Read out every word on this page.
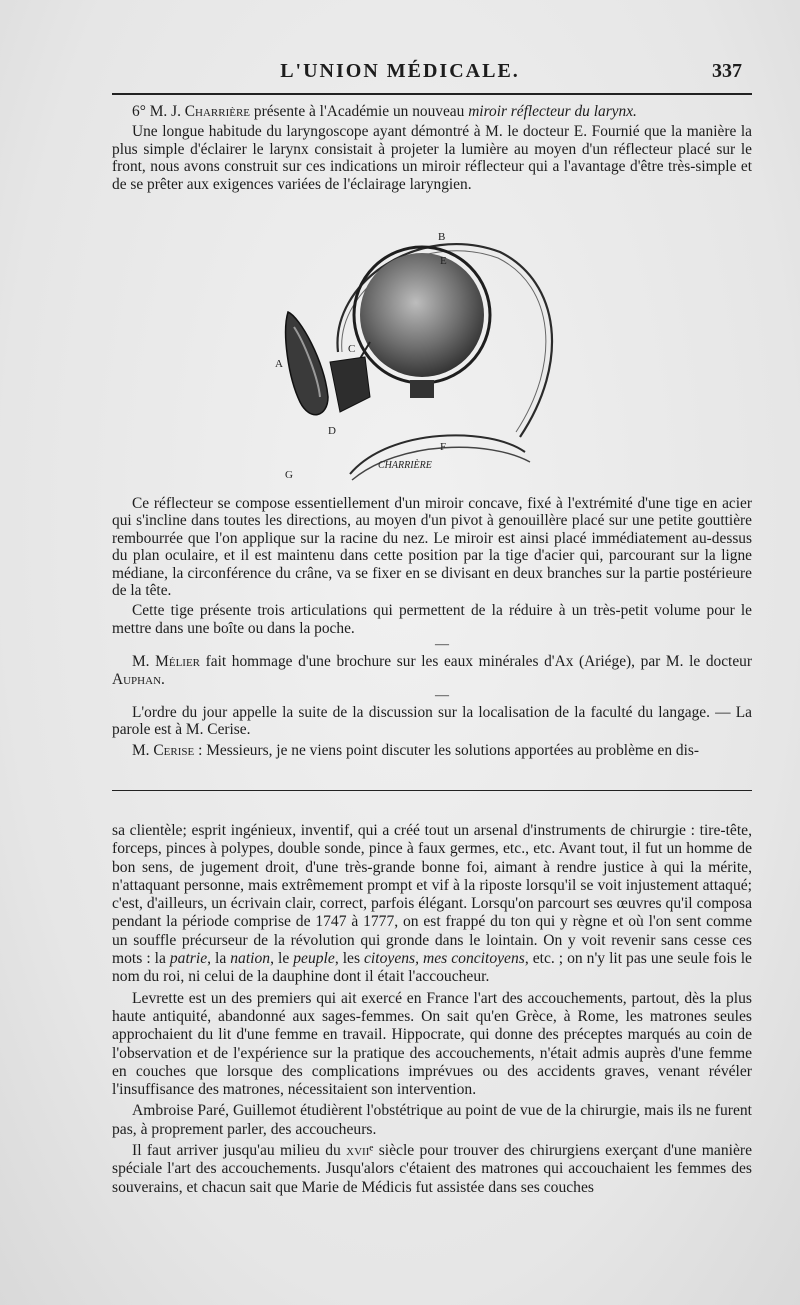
L'UNION MÉDICALE.	337

6° M. J. Charrière présente à l'Académie un nouveau miroir réflecteur du larynx.

Une longue habitude du laryngoscope ayant démontré à M. le docteur E. Fournié que la manière la plus simple d'éclairer le larynx consistait à projeter la lumière au moyen d'un réflecteur placé sur le front, nous avons construit sur ces indications un miroir réflecteur qui a l'avantage d'être très-simple et de se prêter aux exigences variées de l'éclairage laryngien.

A
B
C
D
E
F
G
CHARRIÈRE

Ce réflecteur se compose essentiellement d'un miroir concave, fixé à l'extrémité d'une tige en acier qui s'incline dans toutes les directions, au moyen d'un pivot à genouillère placé sur une petite gouttière rembourrée que l'on applique sur la racine du nez. Le miroir est ainsi placé immédiatement au-dessus du plan oculaire, et il est maintenu dans cette position par la tige d'acier qui, parcourant sur la ligne médiane, la circonférence du crâne, va se fixer en se divisant en deux branches sur la partie postérieure de la tête.

Cette tige présente trois articulations qui permettent de la réduire à un très-petit volume pour le mettre dans une boîte ou dans la poche.

—

M. Mélier fait hommage d'une brochure sur les eaux minérales d'Ax (Ariége), par M. le docteur Auphan.

—

L'ordre du jour appelle la suite de la discussion sur la localisation de la faculté du langage. — La parole est à M. Cerise.

M. Cerise : Messieurs, je ne viens point discuter les solutions apportées au problème en dis-

sa clientèle; esprit ingénieux, inventif, qui a créé tout un arsenal d'instruments de chirurgie : tire-tête, forceps, pinces à polypes, double sonde, pince à faux germes, etc., etc. Avant tout, il fut un homme de bon sens, de jugement droit, d'une très-grande bonne foi, aimant à rendre justice à qui la mérite, n'attaquant personne, mais extrêmement prompt et vif à la riposte lorsqu'il se voit injustement attaqué; c'est, d'ailleurs, un écrivain clair, correct, parfois élégant. Lorsqu'on parcourt ses œuvres qu'il composa pendant la période comprise de 1747 à 1777, on est frappé du ton qui y règne et où l'on sent comme un souffle précurseur de la révolution qui gronde dans le lointain. On y voit revenir sans cesse ces mots : la patrie, la nation, le peuple, les citoyens, mes concitoyens, etc. ; on n'y lit pas une seule fois le nom du roi, ni celui de la dauphine dont il était l'accoucheur.

Levrette est un des premiers qui ait exercé en France l'art des accouchements, partout, dès la plus haute antiquité, abandonné aux sages-femmes. On sait qu'en Grèce, à Rome, les matrones seules approchaient du lit d'une femme en travail. Hippocrate, qui donne des préceptes marqués au coin de l'observation et de l'expérience sur la pratique des accouchements, n'était admis auprès d'une femme en couches que lorsque des complications imprévues ou des accidents graves, venant révéler l'insuffisance des matrones, nécessitaient son intervention.

Ambroise Paré, Guillemot étudièrent l'obstétrique au point de vue de la chirurgie, mais ils ne furent pas, à proprement parler, des accoucheurs.

Il faut arriver jusqu'au milieu du xviiᵉ siècle pour trouver des chirurgiens exerçant d'une manière spéciale l'art des accouchements. Jusqu'alors c'étaient des matrones qui accouchaient les femmes des souverains, et chacun sait que Marie de Médicis fut assistée dans ses couches
